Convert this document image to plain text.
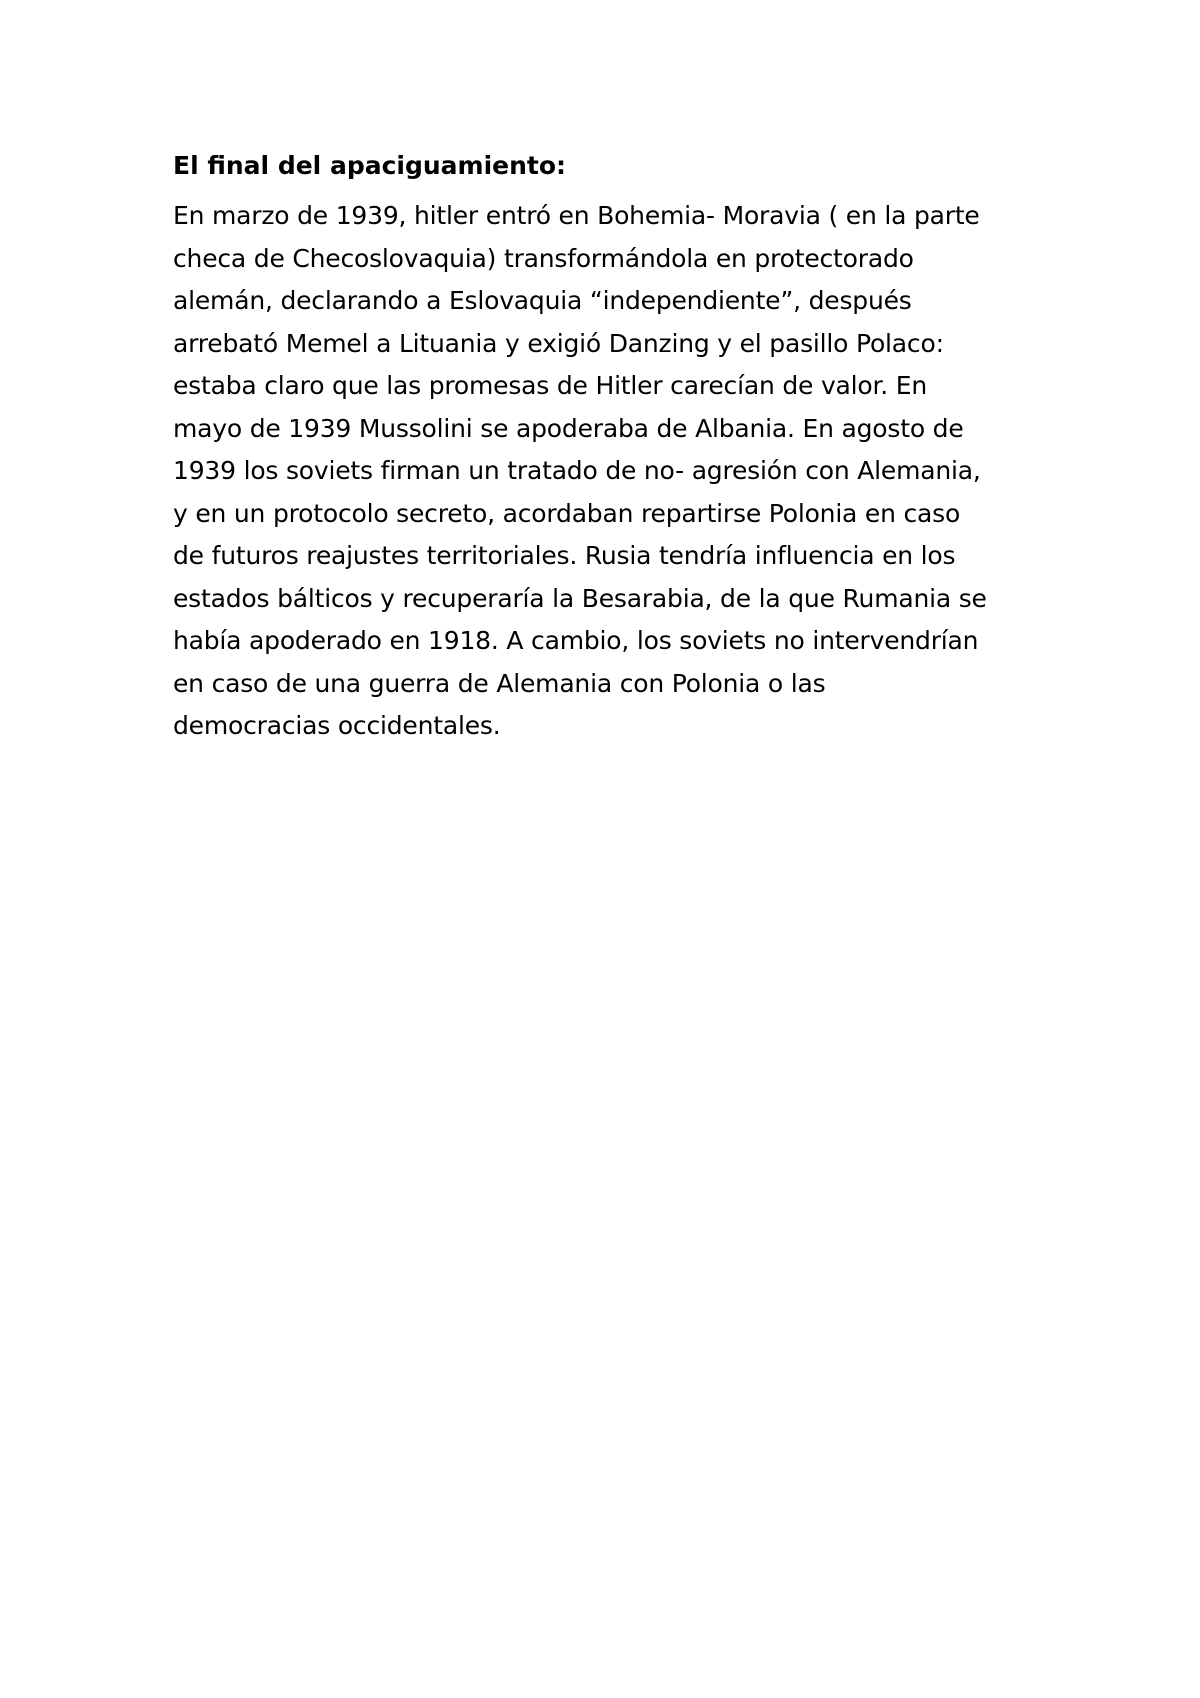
El final del apaciguamiento:

En marzo de 1939, hitler entró en Bohemia- Moravia ( en la parte
checa de Checoslovaquia) transformándola en protectorado
alemán, declarando a Eslovaquia “independiente”, después
arrebató Memel a Lituania y exigió Danzing y el pasillo Polaco:
estaba claro que las promesas de Hitler carecían de valor. En
mayo de 1939 Mussolini se apoderaba de Albania. En agosto de
1939 los soviets firman un tratado de no- agresión con Alemania,
y en un protocolo secreto, acordaban repartirse Polonia en caso
de futuros reajustes territoriales. Rusia tendría influencia en los
estados bálticos y recuperaría la Besarabia, de la que Rumania se
había apoderado en 1918. A cambio, los soviets no intervendrían
en caso de una guerra de Alemania con Polonia o las
democracias occidentales.
